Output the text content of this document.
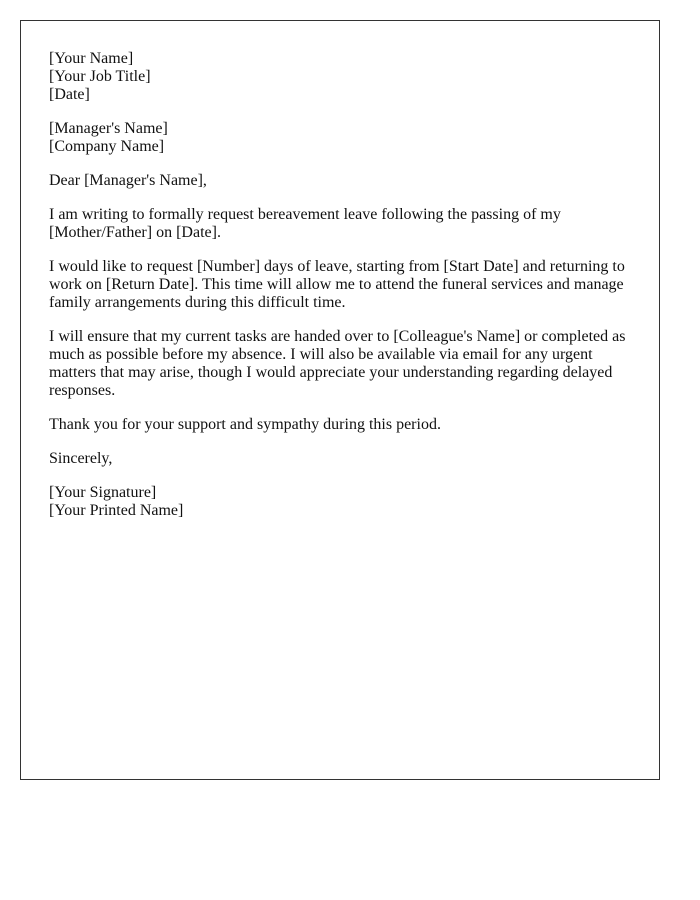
[Your Name]
[Your Job Title]
[Date]
[Manager's Name]
[Company Name]

Dear [Manager's Name],

I am writing to formally request bereavement leave following the passing of my [Mother/Father] on [Date].

I would like to request [Number] days of leave, starting from [Start Date] and returning to work on [Return Date]. This time will allow me to attend the funeral services and manage family arrangements during this difficult time.

I will ensure that my current tasks are handed over to [Colleague's Name] or completed as much as possible before my absence. I will also be available via email for any urgent matters that may arise, though I would appreciate your understanding regarding delayed responses.

Thank you for your support and sympathy during this period.

Sincerely,

[Your Signature]
[Your Printed Name]
